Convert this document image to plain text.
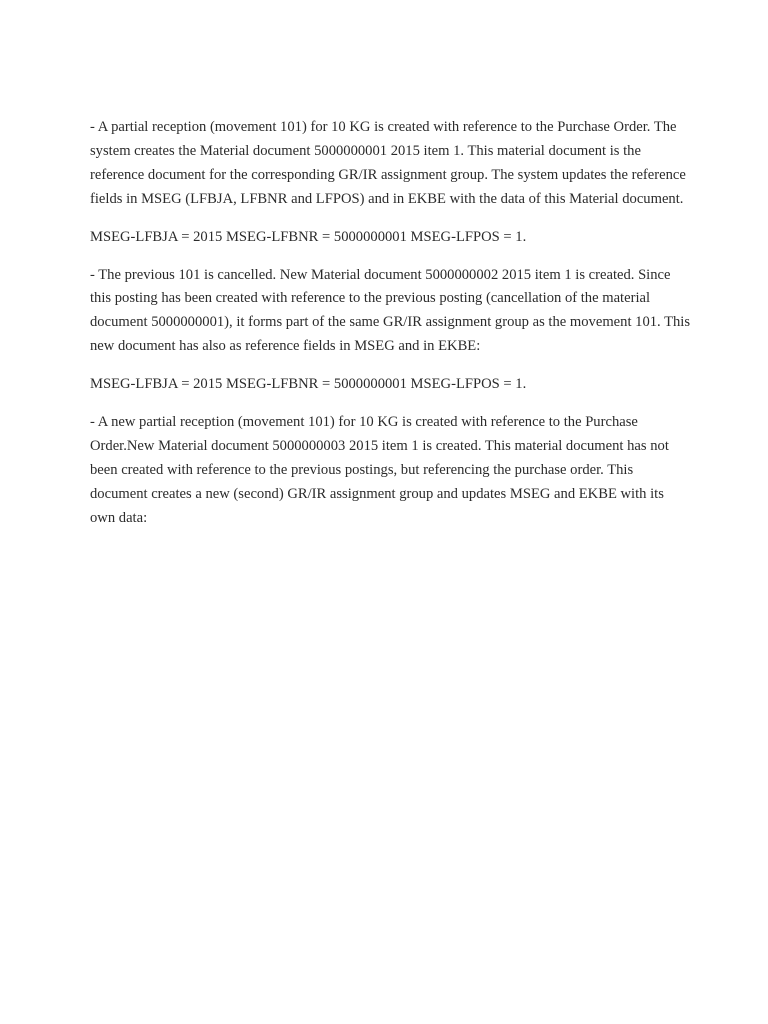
- A partial reception (movement 101) for 10 KG is created with reference to the Purchase Order. The system creates the Material document 5000000001 2015 item 1. This material document is the reference document for the corresponding GR/IR assignment group. The system updates the reference fields in MSEG (LFBJA, LFBNR and LFPOS) and in EKBE with the data of this Material document.

MSEG-LFBJA = 2015 MSEG-LFBNR = 5000000001 MSEG-LFPOS = 1.

- The previous 101 is cancelled. New Material document 5000000002 2015 item 1 is created. Since this posting has been created with reference to the previous posting (cancellation of the material document 5000000001), it forms part of the same GR/IR assignment group as the movement 101. This new document has also as reference fields in MSEG and in EKBE:

MSEG-LFBJA = 2015 MSEG-LFBNR = 5000000001 MSEG-LFPOS = 1.

- A new partial reception (movement 101) for 10 KG is created with reference to the Purchase Order.New Material document 5000000003 2015 item 1 is created. This material document has not been created with reference to the previous postings, but referencing the purchase order. This document creates a new (second) GR/IR assignment group and updates MSEG and EKBE with its own data:
